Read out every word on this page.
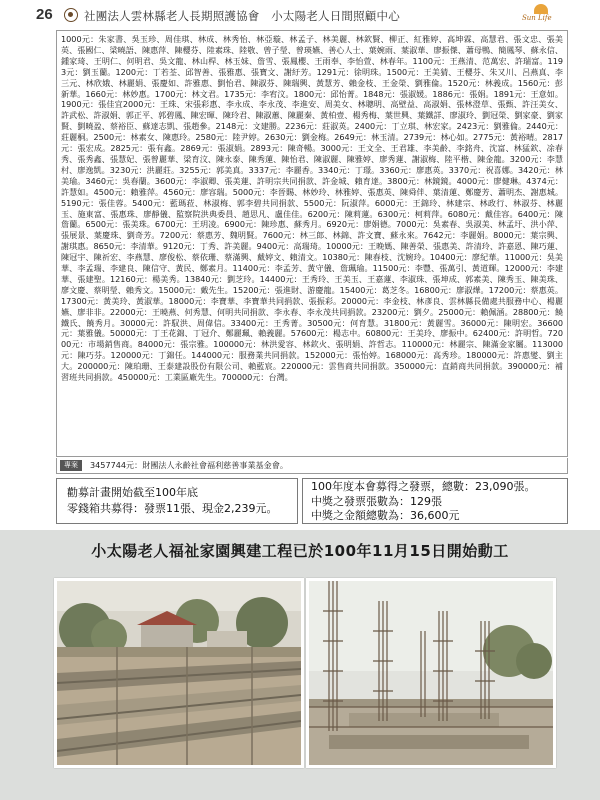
26	社團法人雲林縣老人長期照護協會　小太陽老人日間照顧中心	Sun Life

1000元：朱家書、吳玉珍、周佳琪、林成、林秀怡、林亞璇、林孟子、林美麗、林欽賢、柳正、紅雅婷、高坤霖、高慧君、張文忠、張美英、張國仁、梁曉語、陳惠萍、陳櫻芬、陸素珠、陸敬、曾子瑩、曾瑛嬿、善心人士、葉婉雨、葉淑華、廖振傑、蕭母鴨、簡鳳琴、蘇永信、鍾家琦、王明仁、何明君、吳文龍、林山桿、林玉妹、詹雪、張鳳櫻、王雨奉、李怡萱、林春年。1100元：王燕清、范萬宏、許瑞富。1193元：劉玉蘭。1200元：丁若荃、邱智善、張雅惠、張寶文、謝紆芳。1291元：徐明珠。1500元：王美猜、王櫻芬、朱又川、呂燕真、李三元、林欣娥、林麗娟、張慶如、許雅惠、劉怡君、陳淑芬、陳瑞興、黃慧芳、賴金枝、王金榮、劉雅倫。1520元：林義成。1560元：彭新華。1660元：林妙惠。1700元：林文君。1735元：李宥汶。1800元：邱怡菁。1848元：張淑媛。1886元：張娟。1891元：王意如。1900元：張佳宜2000元：王珠、宋張彩惠、李永成、李永茂、李進安、周美女、林聰明、高壁益、高淑娟、張林澄草、張甄、許汪美女、許武松、許淑娟、郭正平、郭碧鳳、陳宏暉、陳玲君、陳淑蕙、陳麗秦、黃柏壹、楊秀梅、葉世興、葉鐵詳、廖淑玲、劉冠榮、劉家豪、劉家賢、劉曉盈、蔡裕臣、蘇達志凱、張趙參。2148元：文建勝。2236元：莊淑英。2400元：丁立琪、林宏家。2423元：劉雅倫。2440元：莊麗桐。2500元：林素女、陳惠玲。2580元：陸尹婷。2630元：劉金梅。2649元：林玉清。2739元：林心如。2775元：黃裕晴。2817元：張宏成。2825元：張有鑫。2869元：張淑娟。2893元：陳奇暢。3000元：王文全、王君雄、李美齡、李銘舟、沈富、林猛欽、凃春秀、張秀鑫、張慧妃、張曾麗華、梁育汶、陳永泰、陳秀蓮、陳怡君、陳淑麗、陳雅婷、廖秀蓮、謝淑梅、陸平楷、陳金龍。3200元：李慧村、廖逸凱。3230元：洪麗莊。3255元：郭美真。3337元：李麗香。3340元：丁璟。3360元：廖惠英。3370元：祝喜娜。3420元：林美瑜。3460元：吳春蘭。3600元：李淑卿、張美蓮、許明宗共同捐款、許金城、賴育達。3800元：林鏡鏡。4000元：廖健琳。4374元：許慧如。4500元：賴雅萍。4560元：廖容瑞。5000元：李晉賜、林妙玲、林雅婷、張惠英、陳舜伴、葉清蓮、鄭慶芳、蕭明杰、謝惠城。5190元：張佳蓉。5400元：藍瑪菈、林淑梅、郭李碧共同捐款、5500元：阮淑萍。6000元：王錦玲、林建宗、林政行、林淑芬、林麗玉、施東富、張惠珠、廖靜儀、監察院洪典委員、趙思凡、盧佳佳。6200元：陳莉蓮。6300元：柯莉萍。6080元：戴佳容。6400元：陳詹蘭。6500元：張美珠。6700元：王玥凌。6900元：陳珍惠、蘇秀月。6920元：廖娟德。7000元：吳素春、吳淑美、林孟圩、洪小萍、張展景、葉慶珠、劉奇芳。7200元：蔡惠芳、魏明賢。7600元：林三郎、林錦、許文寶、蘇永來。7642元：李麗娟。8000元：葉宗興、謝琪惠。8650元：李清華。9120元：丁秀、許美麗。9400元：高瑞琦。10000元：王晚媽、陳善榮、張惠美、許清玲、許嘉恩、陳巧蓮、陳冠宇、陳祈宏、李燕慧、廖俊松、蔡依珊、蔡滿興、戴婷文、賴清文。10380元：陳春枝、沈婉玲。10400元：廖紀華。11000元：吳美華、李孟瑞、李建良、陳信守、黃民、鄭素月。11400元：李孟芳、黃守儀、詹珮瑜。11500元：李豐、張萬引、黃道輝。12000元：李建華、張建聖。12160元：楊美秀。13840元：劉芝玲。14400元：王秀玲、王美玉、王嘉蓮、李淑珠、張坤成、郭素美、陳秀玉、陳美珠、廖文慶、蔡明瑩、賴秀文。15000元：戴先生。15200元：張進財、游慶龍。15400元：葛芝冬。16800元：廖淑燁。17200元：蔡惠英。17300元：黃美玲、黃淑華。18000元：李寶華、李寶華共同捐款、張振彩。20000元：李金枝、林彥良、雲林縣長備處共服務中心、楊麗嬿、廖非非。22000元：王曉燕、何秀慧、何明共同捐款、李永春、李永茂共同捐款。23200元：劉夕。25000元：賴佩涵。28800元：饒鐵氏、饒秀月。30000元：許馭洪、周偉信。33400元：王秀菁。30500元：何育慧。31800元：黃麗雪。36000元：陳明宏。36600元：葉雅儀。50000元：丁王花錦、丁冠介、鄭麗珮、賴義麗。57600元：楊志中。60800元：王美玲、廖振中。62400元：許明哲。72000元：市場銷售商。84000元：張宗雅。100000元：林洪愛容、林欽火、張明娟、許哲志。110000元：林麗宗、陳滿金家屬。113000元：陳巧芬。120000元：丁錦任。144000元：服務業共同捐款。152000元：張怡婷。168000元：高秀珍。180000元：許惠燮、劉主大。200000元：陳珀珊、王泰建設股份有限公司、賴藍宸。220000元：雲售商共同捐款。350000元：直銷商共同捐款。390000元：補習班共同捐款。450000元：工業區廠先生。700000元：台灣。

專案	3457744元：財團法人永齡社會福利慈善事業基金會。
勸募計畫開始截至100年底
零錢箱共募得：發票11張、現金2,239元。
100年度本會募得之發票，總數：23,090張。
中獎之發票張數為：129張
中獎之金額總數為：36,600元
小太陽老人福祉家園興建工程已於100年11月15日開始動工
